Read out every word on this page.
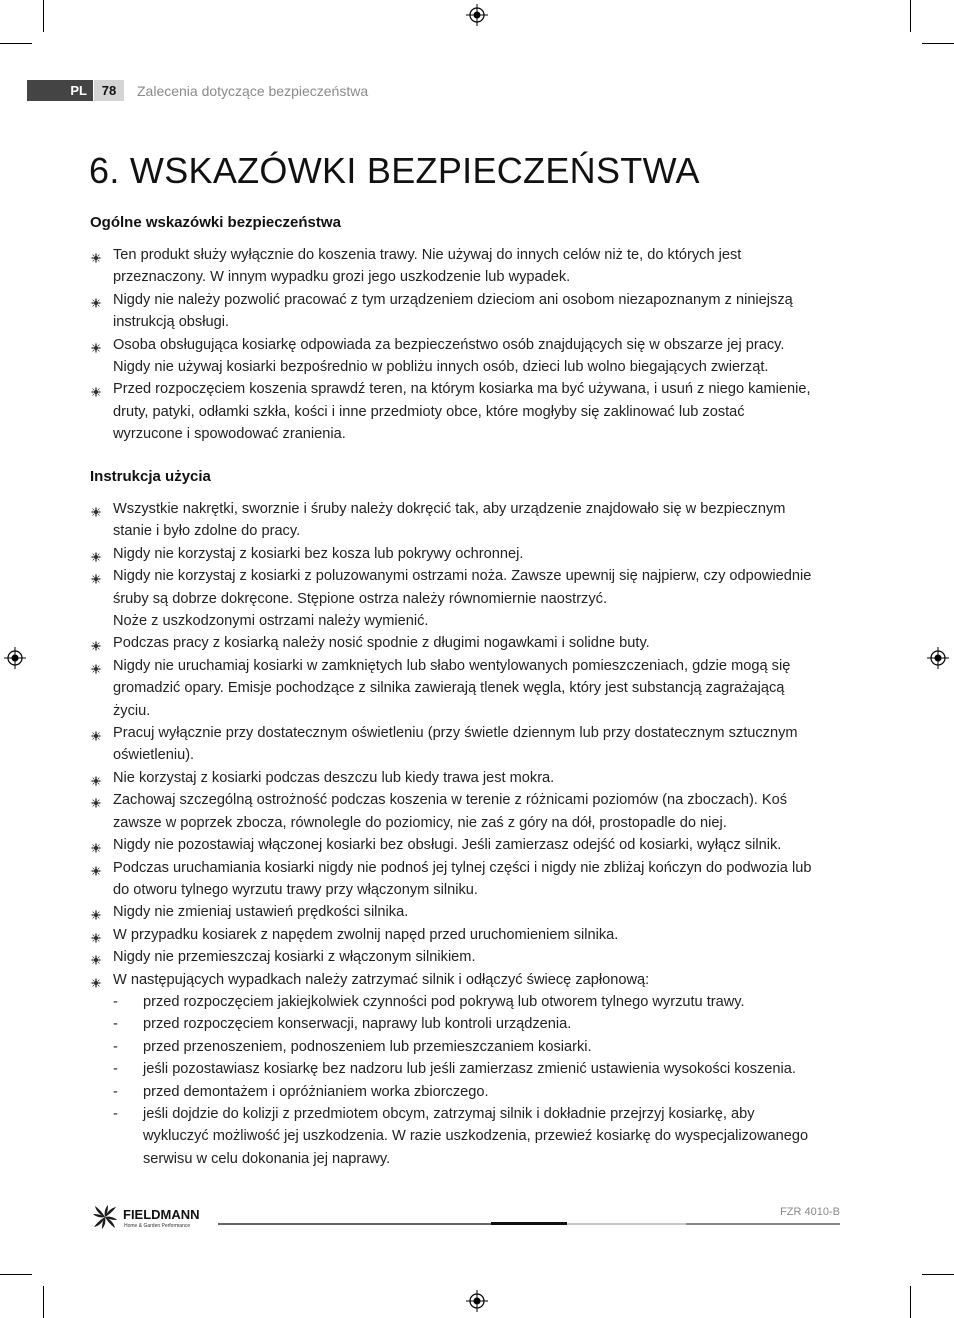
PL	78	Zalecenia dotyczące bezpieczeństwa
6. WSKAZÓWKI BEZPIECZEŃSTWA
Ogólne wskazówki bezpieczeństwa

Ten produkt służy wyłącznie do koszenia trawy. Nie używaj do innych celów niż te, do których jest

przeznaczony. W innym wypadku grozi jego uszkodzenie lub wypadek.

Nigdy nie należy pozwolić pracować z tym urządzeniem dzieciom ani osobom niezapoznanym z niniejszą

instrukcją obsługi.

Osoba obsługująca kosiarkę odpowiada za bezpieczeństwo osób znajdujących się w obszarze jej pracy.

Nigdy nie używaj kosiarki bezpośrednio w pobliżu innych osób, dzieci lub wolno biegających zwierząt.

Przed rozpoczęciem koszenia sprawdź teren, na którym kosiarka ma być używana, i usuń z niego kamienie,

druty, patyki, odłamki szkła, kości i inne przedmioty obce, które mogłyby się zaklinować lub zostać

wyrzucone i spowodować zranienia.

Instrukcja użycia

Wszystkie nakrętki, sworznie i śruby należy dokręcić tak, aby urządzenie znajdowało się w bezpiecznym

stanie i było zdolne do pracy.

Nigdy nie korzystaj z kosiarki bez kosza lub pokrywy ochronnej.

Nigdy nie korzystaj z kosiarki z poluzowanymi ostrzami noża. Zawsze upewnij się najpierw, czy odpowiednie

śruby są dobrze dokręcone. Stępione ostrza należy równomiernie naostrzyć.

Noże z uszkodzonymi ostrzami należy wymienić.

Podczas pracy z kosiarką należy nosić spodnie z długimi nogawkami i solidne buty.

Nigdy nie uruchamiaj kosiarki w zamkniętych lub słabo wentylowanych pomieszczeniach, gdzie mogą się

gromadzić opary. Emisje pochodzące z silnika zawierają tlenek węgla, który jest substancją zagrażającą

życiu.

Pracuj wyłącznie przy dostatecznym oświetleniu (przy świetle dziennym lub przy dostatecznym sztucznym

oświetleniu).

Nie korzystaj z kosiarki podczas deszczu lub kiedy trawa jest mokra.

Zachowaj szczególną ostrożność podczas koszenia w terenie z różnicami poziomów (na zboczach). Koś

zawsze w poprzek zbocza, równolegle do poziomicy, nie zaś z góry na dół, prostopadle do niej.

Nigdy nie pozostawiaj włączonej kosiarki bez obsługi. Jeśli zamierzasz odejść od kosiarki, wyłącz silnik.

Podczas uruchamiania kosiarki nigdy nie podnoś jej tylnej części i nigdy nie zbliżaj kończyn do podwozia lub

do otworu tylnego wyrzutu trawy przy włączonym silniku.

Nigdy nie zmieniaj ustawień prędkości silnika.

W przypadku kosiarek z napędem zwolnij napęd przed uruchomieniem silnika.

Nigdy nie przemieszczaj kosiarki z włączonym silnikiem.

W następujących wypadkach należy zatrzymać silnik i odłączyć świecę zapłonową:

- przed rozpoczęciem jakiejkolwiek czynności pod pokrywą lub otworem tylnego wyrzutu trawy.

- przed rozpoczęciem konserwacji, naprawy lub kontroli urządzenia.

- przed przenoszeniem, podnoszeniem lub przemieszczaniem kosiarki.

- jeśli pozostawiasz kosiarkę bez nadzoru lub jeśli zamierzasz zmienić ustawienia wysokości koszenia.

- przed demontażem i opróżnianiem worka zbiorczego.

- jeśli dojdzie do kolizji z przedmiotem obcym, zatrzymaj silnik i dokładnie przejrzyj kosiarkę, aby

wykluczyć możliwość jej uszkodzenia. W razie uszkodzenia, przewieź kosiarkę do wyspecjalizowanego

serwisu w celu dokonania jej naprawy.

FIELDMANN
Home & Garden Performance
FZR 4010-B
